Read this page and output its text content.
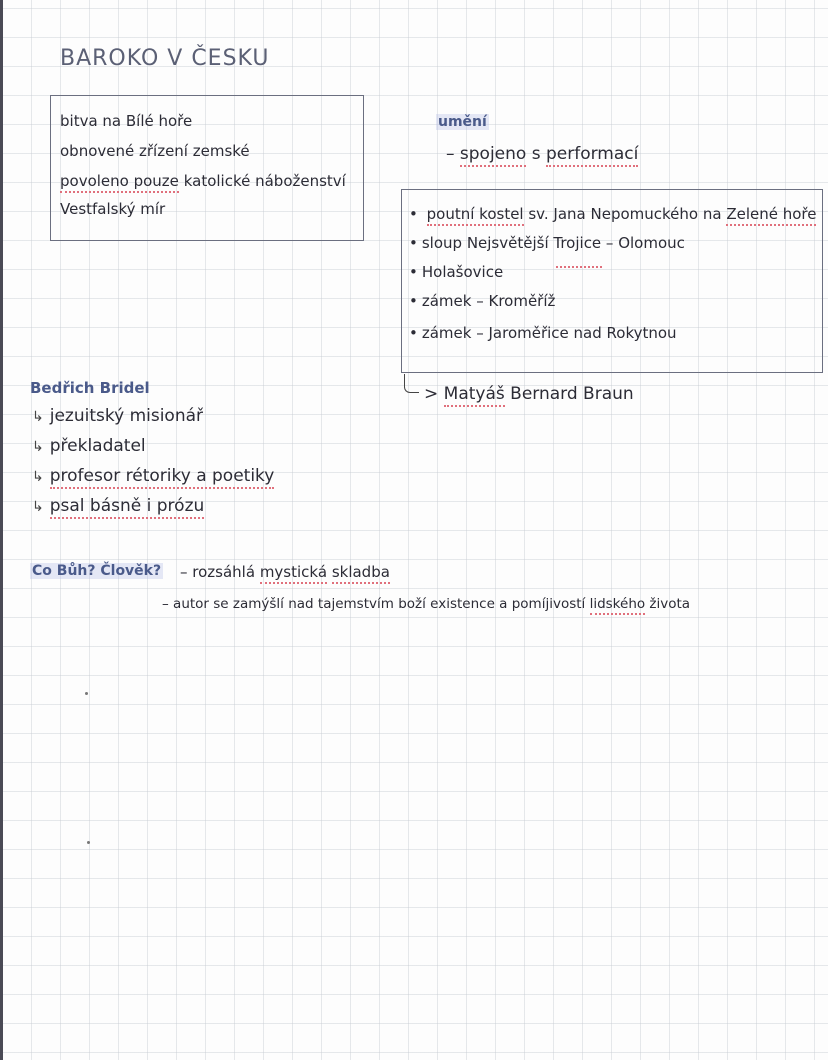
BAROKO V ČESKU
bitva na Bílé hoře
obnovené zřízení zemské
povoleno pouze katolické náboženství
Vestfalský mír
umění
– spojeno s performací
• poutní kostel sv. Jana Nepomuckého na Zelené hoře
• sloup Nejsvětější Trojice – Olomouc
• Holašovice
• zámek – Kroměříž
• zámek – Jaroměřice nad Rokytnou
> Matyáš Bernard Braun
Bedřich Bridel
↳ jezuitský misionář
↳ překladatel
↳ profesor rétoriky a poetiky
↳ psal básně i prózu
Co Bůh? Člověk? – rozsáhlá mystická skladba
– autor se zamýšlí nad tajemstvím boží existence a pomíjivostí lidského života
